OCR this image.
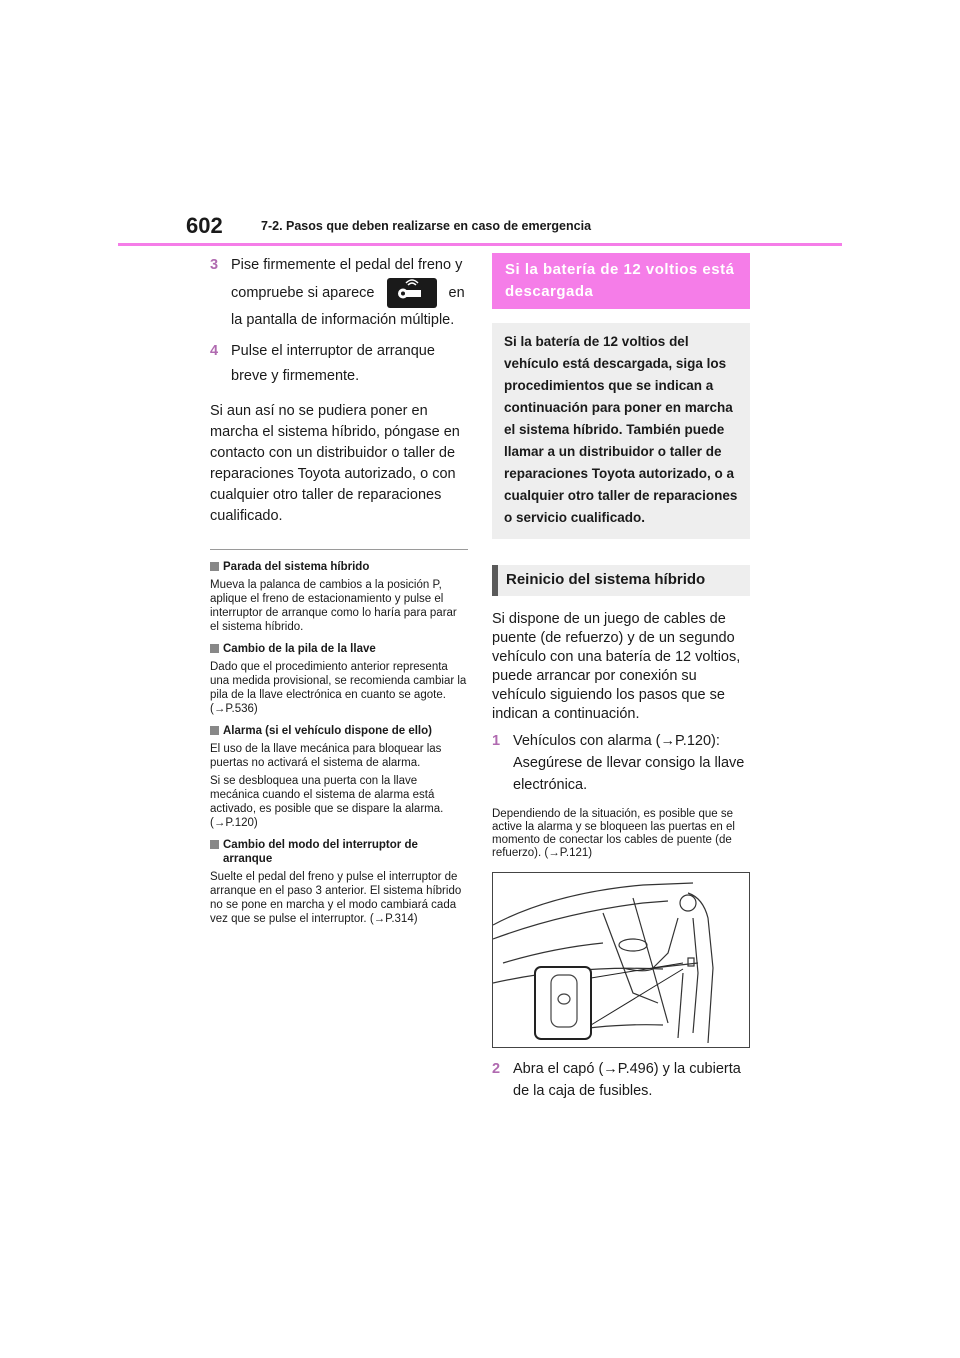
602	7-2. Pasos que deben realizarse en caso de emergencia
3 Pise firmemente el pedal del freno y compruebe si aparece	en la pantalla de información múltiple.
4 Pulse el interruptor de arranque breve y firmemente.
Si aun así no se pudiera poner en marcha el sistema híbrido, póngase en contacto con un distribuidor o taller de reparaciones Toyota autorizado, o con cualquier otro taller de reparaciones cualificado.
Parada del sistema híbrido
Mueva la palanca de cambios a la posición P, aplique el freno de estacionamiento y pulse el interruptor de arranque como lo haría para parar el sistema híbrido.
Cambio de la pila de la llave
Dado que el procedimiento anterior representa una medida provisional, se recomienda cambiar la pila de la llave electrónica en cuanto se agote. (→P.536)
Alarma (si el vehículo dispone de ello)
El uso de la llave mecánica para bloquear las puertas no activará el sistema de alarma.
Si se desbloquea una puerta con la llave mecánica cuando el sistema de alarma está activado, es posible que se dispare la alarma. (→P.120)
Cambio del modo del interruptor de arranque
Suelte el pedal del freno y pulse el interruptor de arranque en el paso 3 anterior. El sistema híbrido no se pone en marcha y el modo cambiará cada vez que se pulse el interruptor. (→P.314)
Si la batería de 12 voltios está descargada
Si la batería de 12 voltios del vehículo está descargada, siga los procedimientos que se indican a continuación para poner en marcha el sistema híbrido. También puede llamar a un distribuidor o taller de reparaciones Toyota autorizado, o a cualquier otro taller de reparaciones o servicio cualificado.
Reinicio del sistema híbrido
Si dispone de un juego de cables de puente (de refuerzo) y de un segundo vehículo con una batería de 12 voltios, puede arrancar por conexión su vehículo siguiendo los pasos que se indican a continuación.
1 Vehículos con alarma (→P.120): Asegúrese de llevar consigo la llave electrónica.
Dependiendo de la situación, es posible que se active la alarma y se bloqueen las puertas en el momento de conectar los cables de puente (de refuerzo). (→P.121)
2 Abra el capó (→P.496) y la cubierta de la caja de fusibles.
